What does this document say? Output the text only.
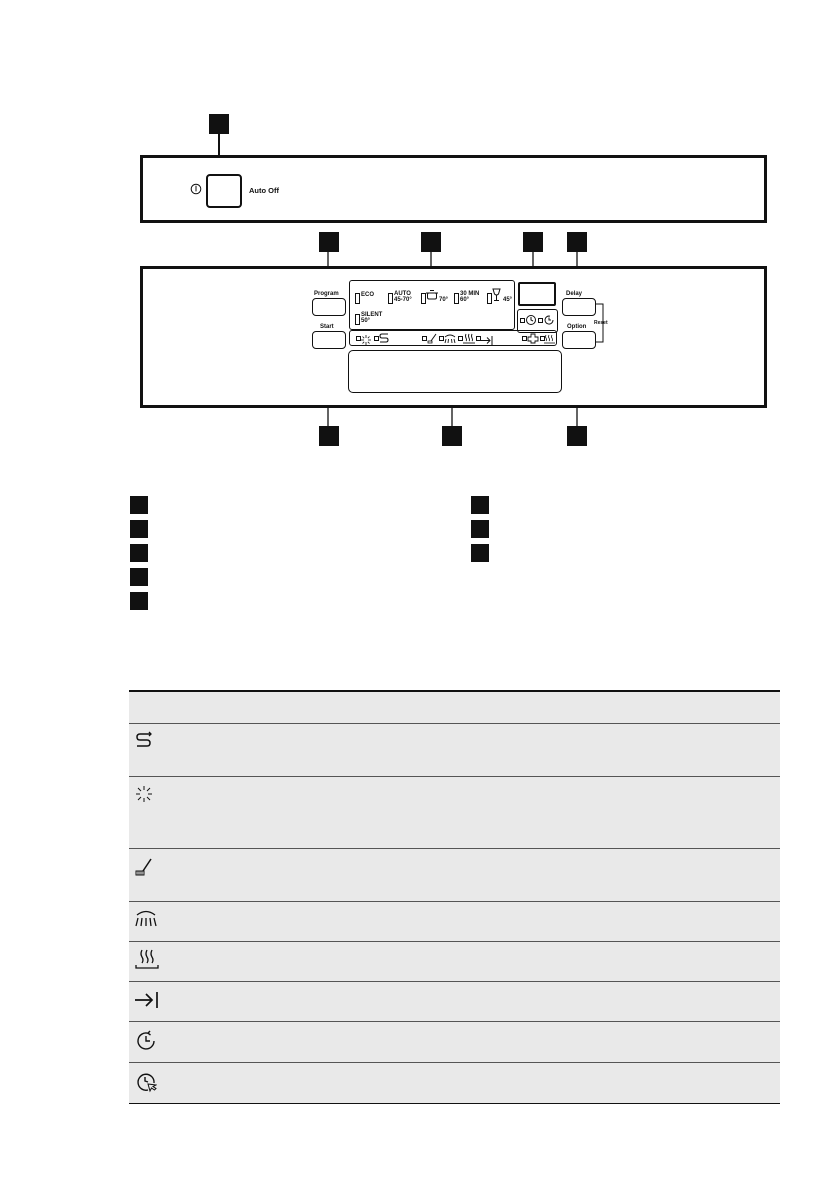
Auto Off
Program
Start
ECO	AUTO
45-70°	70°
30 MIN
60°	45°
SILENT
50°
Delay
Option
Reset
